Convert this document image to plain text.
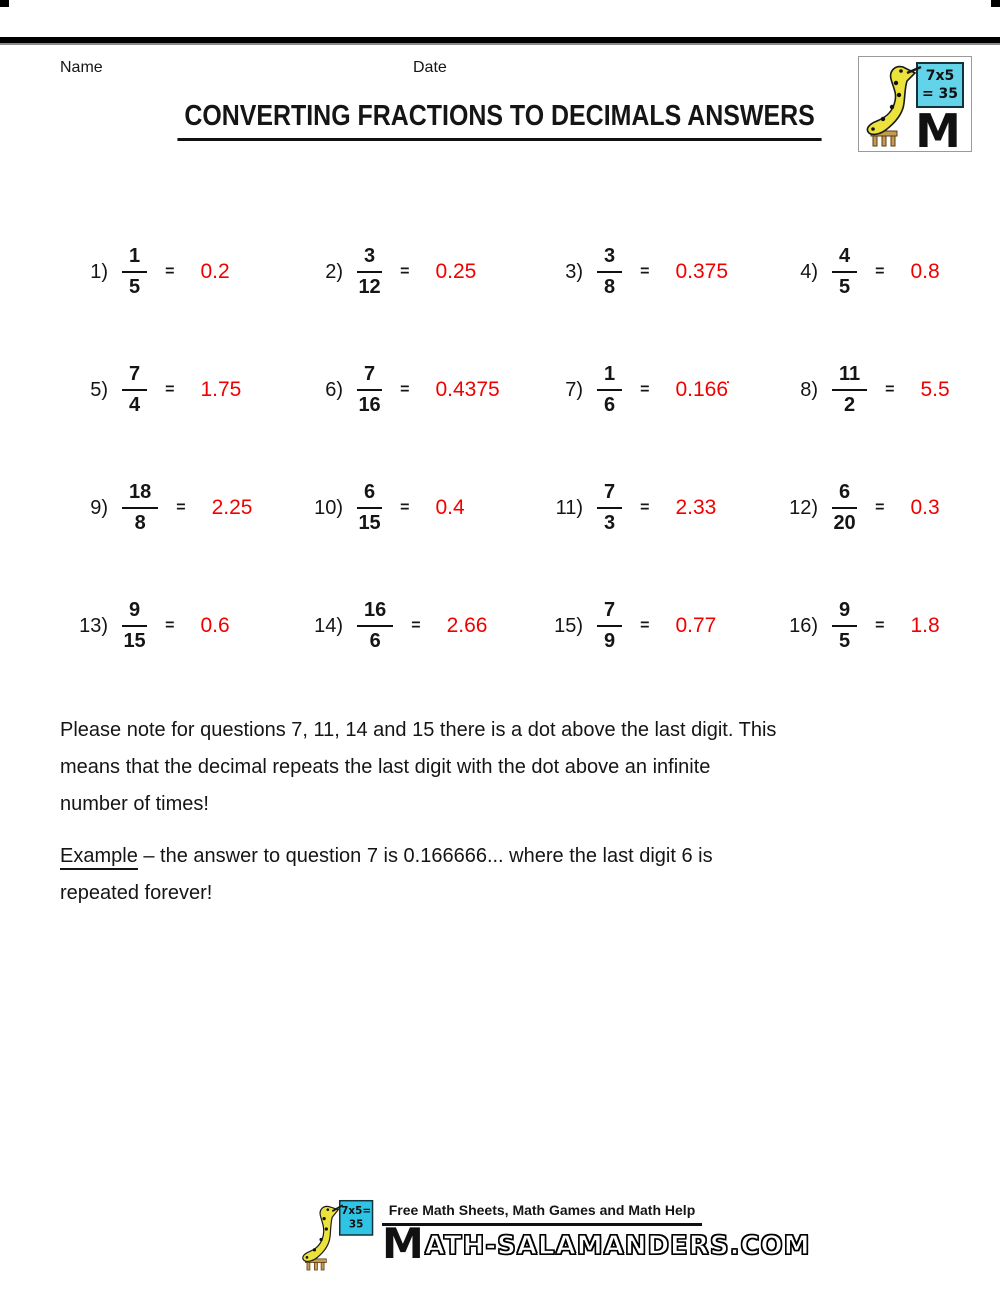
Name	Date	7x5
= 35
M
CONVERTING FRACTIONS TO DECIMALS ANSWERS
$1) \frac{1}{5} = 0.2$	$2) \frac{3}{12} = 0.25$	$3) \frac{3}{8} = 0.375$	$4) \frac{4}{5} = 0.8$
$5) \frac{7}{4} = 1.75$	$6) \frac{7}{16} = 0.4375$	$7) \frac{1}{6}$ = 0.166̇	$8) \frac{11}{2} = 5.5$
$9) \frac{18}{8} = 2.25$	$10) \frac{6}{15} = 0.4$	$11) \frac{7}{3} = 2.33$	$12) \frac{6}{20} = 0.3$
$13) \frac{9}{15} = 0.6$	$14) \frac{16}{6} = 2.66$	$15) \frac{7}{9} = 0.77$	$16) \frac{9}{5} = 1.8$
Please note for questions 7, 11, 14 and 15 there is a dot above the last digit. This
means that the decimal repeats the last digit with the dot above an infinite
number of times!
Example – the answer to question 7 is 0.166666... where the last digit 6 is
repeated forever!
7x5=
35
Free Math Sheets, Math Games and Math Help
M ATH-SALAMANDERS.COM
